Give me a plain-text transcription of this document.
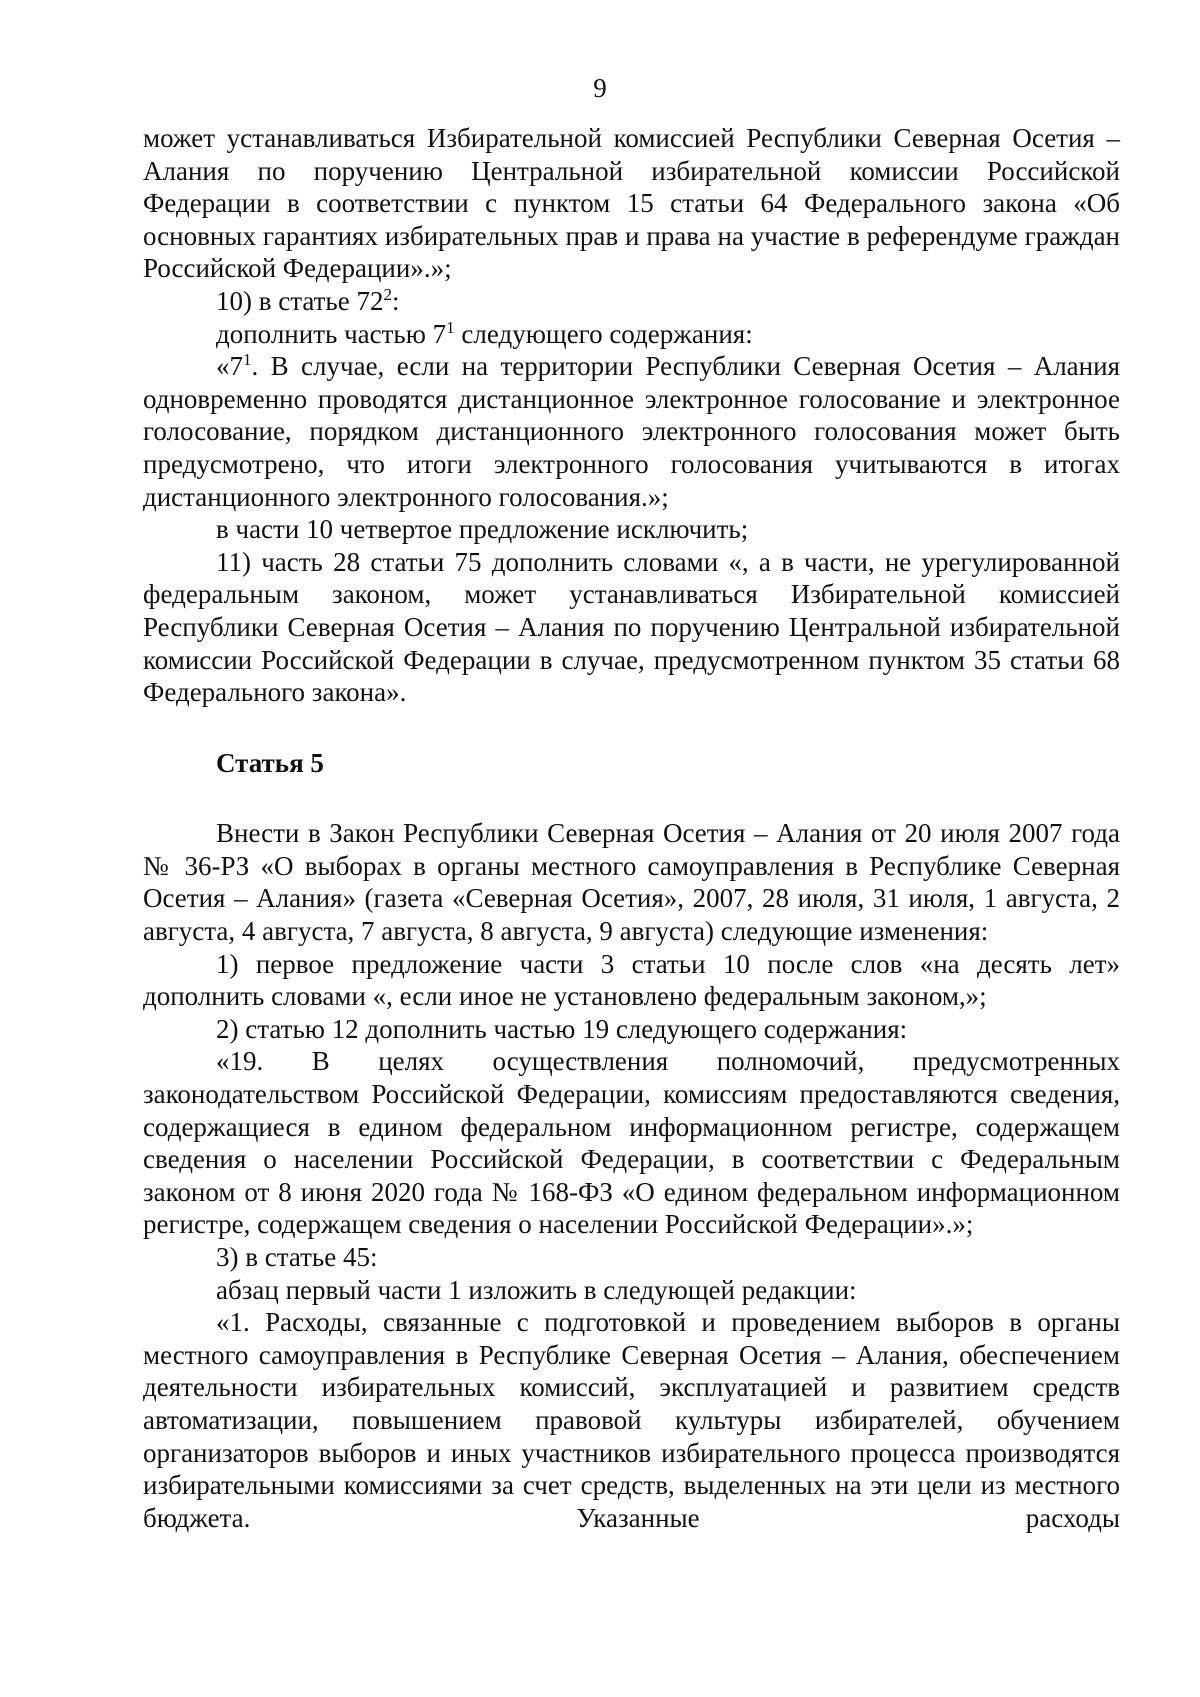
9

может устанавливаться Избирательной комиссией Республики Северная Осетия – Алания по поручению Центральной избирательной комиссии Российской Федерации в соответствии с пунктом 15 статьи 64 Федерального закона «Об основных гарантиях избирательных прав и права на участие в референдуме граждан Российской Федерации».»;

10) в статье $72^2$:

дополнить частью $7^1$ следующего содержания:

«$7^1$. В случае, если на территории Республики Северная Осетия – Алания одновременно проводятся дистанционное электронное голосование и электронное голосование, порядком дистанционного электронного голосования может быть предусмотрено, что итоги электронного голосования учитываются в итогах дистанционного электронного голосования.»;

в части 10 четвертое предложение исключить;

11) часть 28 статьи 75 дополнить словами «, а в части, не урегулированной федеральным законом, может устанавливаться Избирательной комиссией Республики Северная Осетия – Алания по поручению Центральной избирательной комиссии Российской Федерации в случае, предусмотренном пунктом 35 статьи 68 Федерального закона».

Статья 5

Внести в Закон Республики Северная Осетия – Алания от 20 июля 2007 года № 36-РЗ «О выборах в органы местного самоуправления в Республике Северная Осетия – Алания» (газета «Северная Осетия», 2007, 28 июля, 31 июля, 1 августа, 2 августа, 4 августа, 7 августа, 8 августа, 9 августа) следующие изменения:

1) первое предложение части 3 статьи 10 после слов «на десять лет» дополнить словами «, если иное не установлено федеральным законом,»;

2) статью 12 дополнить частью 19 следующего содержания:

«19. В целях осуществления полномочий, предусмотренных законодательством Российской Федерации, комиссиям предоставляются сведения, содержащиеся в едином федеральном информационном регистре, содержащем сведения о населении Российской Федерации, в соответствии с Федеральным законом от 8 июня 2020 года № 168-ФЗ «О едином федеральном информационном регистре, содержащем сведения о населении Российской Федерации».»;

3) в статье 45:

абзац первый части 1 изложить в следующей редакции:

«1. Расходы, связанные с подготовкой и проведением выборов в органы местного самоуправления в Республике Северная Осетия – Алания, обеспечением деятельности избирательных комиссий, эксплуатацией и развитием средств автоматизации, повышением правовой культуры избирателей, обучением организаторов выборов и иных участников избирательного процесса производятся избирательными комиссиями за счет средств, выделенных на эти цели из местного бюджета. Указанные расходы
